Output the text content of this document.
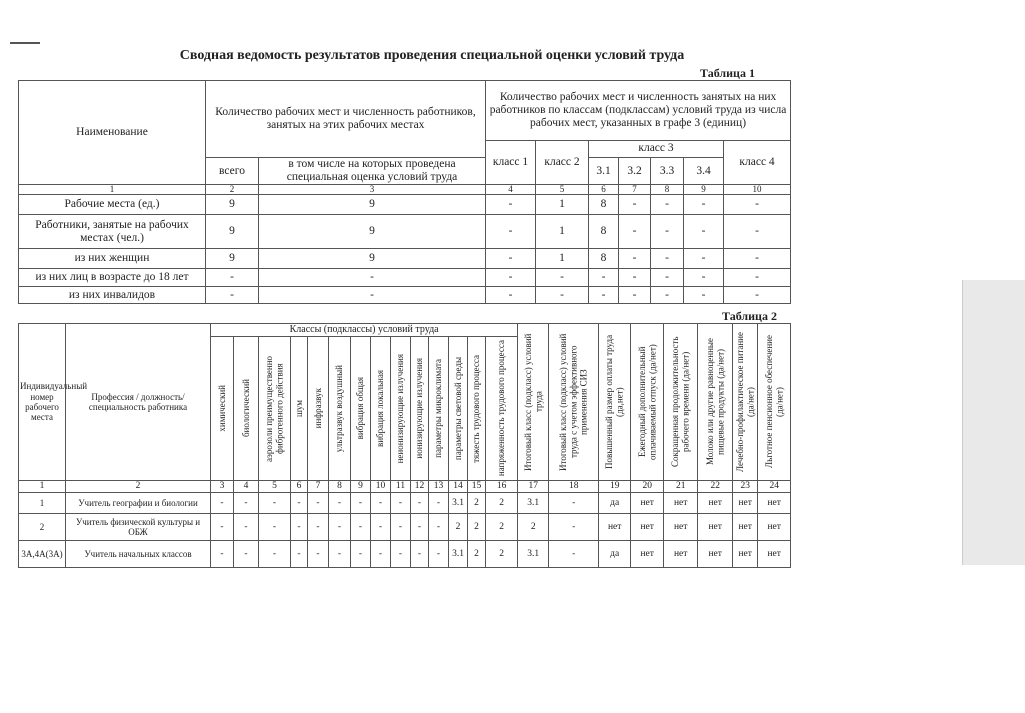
Сводная ведомость результатов проведения специальной оценки условий труда
Таблица 1
Наименование	Количество рабочих мест и численность работников, занятых на этих рабочих местах		Количество рабочих мест и численность занятых на них работников по классам (подклассам) условий труда из числа рабочих мест, указанных в графе 3 (единиц)						
			класс 1	класс 2	класс 3				класс 4
	всего	в том числе на которых проведена специальная оценка условий труда			3.1	3.2	3.3	3.4	
1	2	3	4	5	6	7	8	9	10
Рабочие места (ед.)	9	9	-	1	8	-	-	-	-
Работники, занятые на рабочих местах (чел.)	9	9	-	1	8	-	-	-	-
из них женщин	9	9	-	1	8	-	-	-	-
из них лиц в возрасте до 18 лет	-	-	-	-	-	-	-	-	-
из них инвалидов	-	-	-	-	-	-	-	-	-
Таблица 2
Индивидуальный номер рабочего места	Профессия / должность/специальность работника	Классы (подклассы) условий труда														Итоговый класс (подкласс) условий труда	Итоговый класс (подкласс) условий труда с учетом эффективного применения СИЗ	Повышенный размер оплаты труда (да,нет)	Ежегодный дополнительный оплачиваемый отпуск (да/нет)	Сокращенная продолжительность рабочего времени (да/нет)	Молоко или другие равноценные пищевые продукты (да/нет)	Лечебно-профилактическое питание (да/нет)	Льготное пенсионное обеспечение (да/нет)

		химический	биологический	аэрозоли преимущественно фиброгенного действия	шум	инфразвук	ультразвук воздушный	вибрация общая	вибрация локальная	неионизирующие излучения	ионизирующие излучения	параметры микроклимата	параметры световой среды	тяжесть трудового процесса	напряженность трудового процесса								

1	2	3	4	5	6	7	8	9	10	11	12	13	14	15	16	17	18	19	20	21	22	23	24
1	Учитель географии и биологии	-	-	-	-	-	-	-	-	-	-	-	3.1	2	2	3.1	-	да	нет	нет	нет	нет	нет
2	Учитель физической культуры и ОБЖ	-	-	-	-	-	-	-	-	-	-	-	2	2	2	2	-	нет	нет	нет	нет	нет	нет
3А,4А(3А)	Учитель начальных классов	-	-	-	-	-	-	-	-	-	-	-	3.1	2	2	3.1	-	да	нет	нет	нет	нет	нет
